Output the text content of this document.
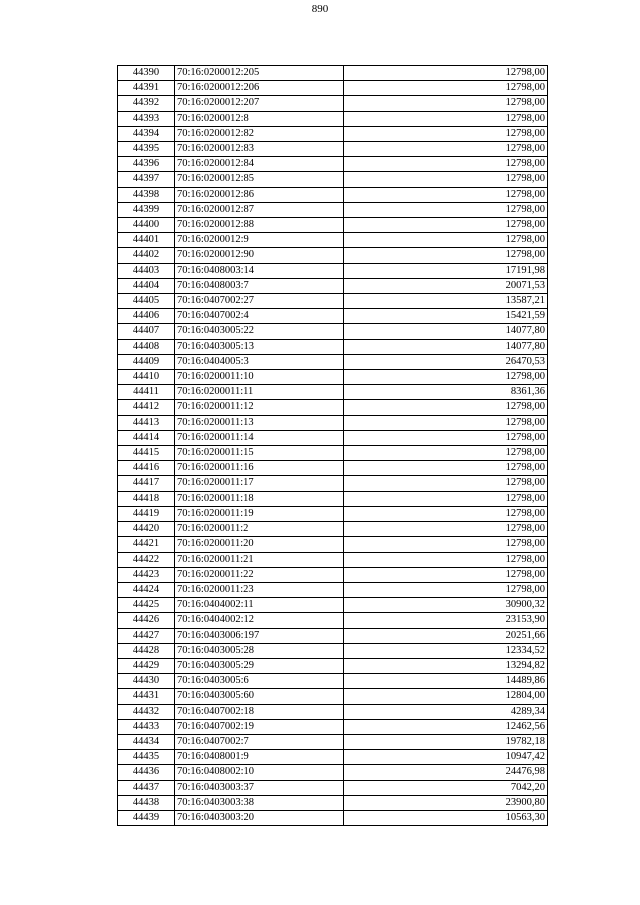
890
44390	70:16:0200012:205	12798,00
44391	70:16:0200012:206	12798,00
44392	70:16:0200012:207	12798,00
44393	70:16:0200012:8	12798,00
44394	70:16:0200012:82	12798,00
44395	70:16:0200012:83	12798,00
44396	70:16:0200012:84	12798,00
44397	70:16:0200012:85	12798,00
44398	70:16:0200012:86	12798,00
44399	70:16:0200012:87	12798,00
44400	70:16:0200012:88	12798,00
44401	70:16:0200012:9	12798,00
44402	70:16:0200012:90	12798,00
44403	70:16:0408003:14	17191,98
44404	70:16:0408003:7	20071,53
44405	70:16:0407002:27	13587,21
44406	70:16:0407002:4	15421,59
44407	70:16:0403005:22	14077,80
44408	70:16:0403005:13	14077,80
44409	70:16:0404005:3	26470,53
44410	70:16:0200011:10	12798,00
44411	70:16:0200011:11	8361,36
44412	70:16:0200011:12	12798,00
44413	70:16:0200011:13	12798,00
44414	70:16:0200011:14	12798,00
44415	70:16:0200011:15	12798,00
44416	70:16:0200011:16	12798,00
44417	70:16:0200011:17	12798,00
44418	70:16:0200011:18	12798,00
44419	70:16:0200011:19	12798,00
44420	70:16:0200011:2	12798,00
44421	70:16:0200011:20	12798,00
44422	70:16:0200011:21	12798,00
44423	70:16:0200011:22	12798,00
44424	70:16:0200011:23	12798,00
44425	70:16:0404002:11	30900,32
44426	70:16:0404002:12	23153,90
44427	70:16:0403006:197	20251,66
44428	70:16:0403005:28	12334,52
44429	70:16:0403005:29	13294,82
44430	70:16:0403005:6	14489,86
44431	70:16:0403005:60	12804,00
44432	70:16:0407002:18	4289,34
44433	70:16:0407002:19	12462,56
44434	70:16:0407002:7	19782,18
44435	70:16:0408001:9	10947,42
44436	70:16:0408002:10	24476,98
44437	70:16:0403003:37	7042,20
44438	70:16:0403003:38	23900,80
44439	70:16:0403003:20	10563,30
